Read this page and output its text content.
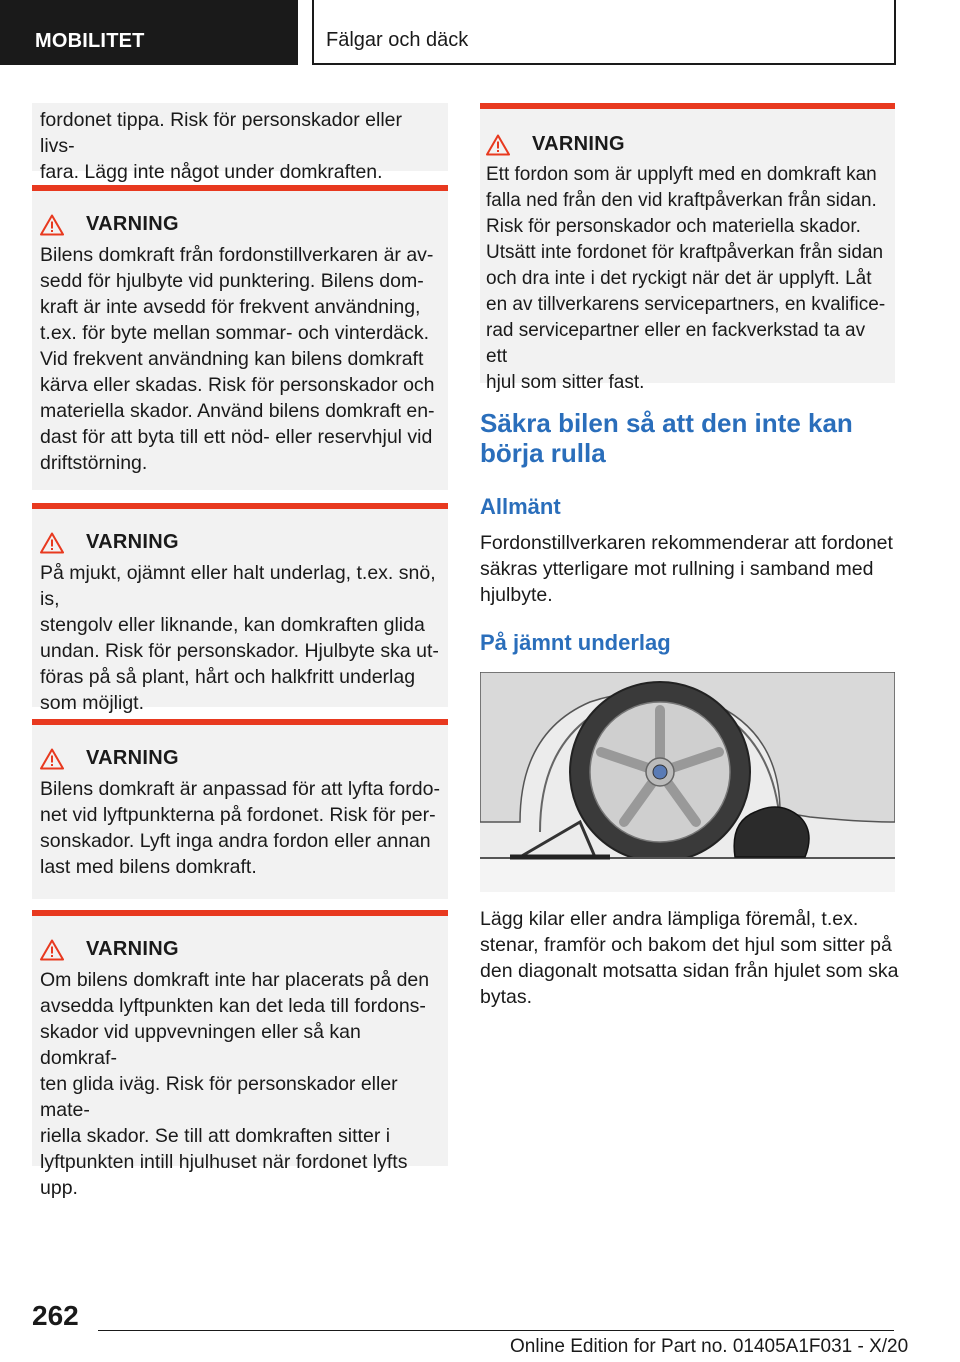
MOBILITET	Fälgar och däck
fordonet tippa. Risk för personskador eller livs-
fara. Lägg inte något under domkraften.
VARNING
Bilens domkraft från fordonstillverkaren är av-
sedd för hjulbyte vid punktering. Bilens dom-
kraft är inte avsedd för frekvent användning,
t.ex. för byte mellan sommar- och vinterdäck.
Vid frekvent användning kan bilens domkraft
kärva eller skadas. Risk för personskador och
materiella skador. Använd bilens domkraft en-
dast för att byta till ett nöd- eller reservhjul vid
driftstörning.
VARNING
På mjukt, ojämnt eller halt underlag, t.ex. snö, is,
stengolv eller liknande, kan domkraften glida
undan. Risk för personskador. Hjulbyte ska ut-
föras på så plant, hårt och halkfritt underlag
som möjligt.
VARNING
Bilens domkraft är anpassad för att lyfta fordo-
net vid lyftpunkterna på fordonet. Risk för per-
sonskador. Lyft inga andra fordon eller annan
last med bilens domkraft.
VARNING
Om bilens domkraft inte har placerats på den
avsedda lyftpunkten kan det leda till fordons-
skador vid uppvevningen eller så kan domkraf-
ten glida iväg. Risk för personskador eller mate-
riella skador. Se till att domkraften sitter i
lyftpunkten intill hjulhuset när fordonet lyfts
upp.
VARNING
Ett fordon som är upplyft med en domkraft kan
falla ned från den vid kraftpåverkan från sidan.
Risk för personskador och materiella skador.
Utsätt inte fordonet för kraftpåverkan från sidan
och dra inte i det ryckigt när det är upplyft. Låt
en av tillverkarens servicepartners, en kvalifice-
rad servicepartner eller en fackverkstad ta av ett
hjul som sitter fast.
Säkra bilen så att den inte kan
börja rulla
Allmänt
Fordonstillverkaren rekommenderar att fordonet
säkras ytterligare mot rullning i samband med
hjulbyte.
På jämnt underlag
Lägg kilar eller andra lämpliga föremål, t.ex.
stenar, framför och bakom det hjul som sitter på
den diagonalt motsatta sidan från hjulet som ska
bytas.
262
Online Edition for Part no. 01405A1F031 - X/20
